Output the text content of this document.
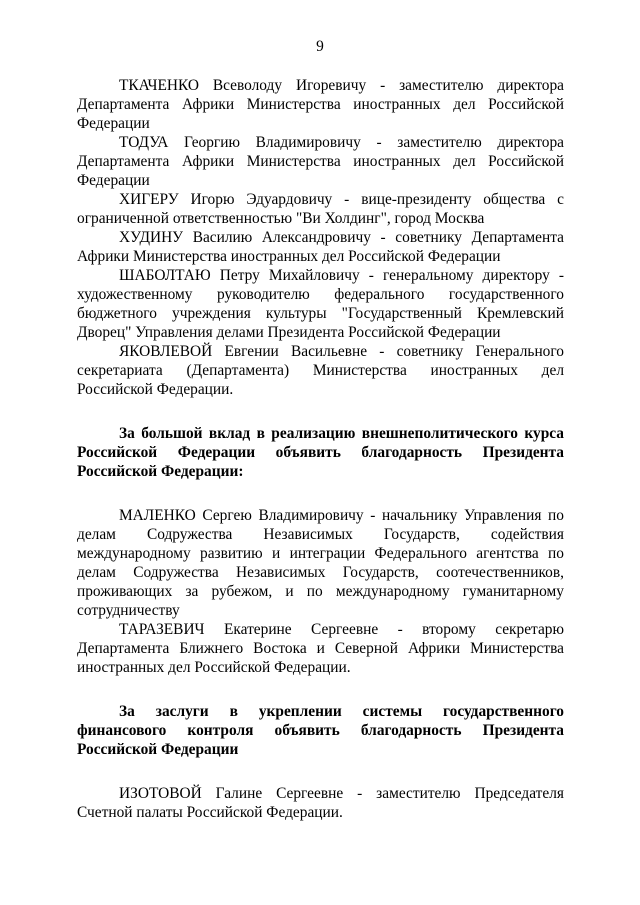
9

ТКАЧЕНКО Всеволоду Игоревичу - заместителю директора Департамента Африки Министерства иностранных дел Российской Федерации

ТОДУА Георгию Владимировичу - заместителю директора Департамента Африки Министерства иностранных дел Российской Федерации

ХИГЕРУ Игорю Эдуардовичу - вице-президенту общества с ограниченной ответственностью "Ви Холдинг", город Москва

ХУДИНУ Василию Александровичу - советнику Департамента Африки Министерства иностранных дел Российской Федерации

ШАБОЛТАЮ Петру Михайловичу - генеральному директору - художественному руководителю федерального государственного бюджетного учреждения культуры "Государственный Кремлевский Дворец" Управления делами Президента Российской Федерации

ЯКОВЛЕВОЙ Евгении Васильевне - советнику Генерального секретариата (Департамента) Министерства иностранных дел Российской Федерации.

За большой вклад в реализацию внешнеполитического курса Российской Федерации объявить благодарность Президента Российской Федерации:

МАЛЕНКО Сергею Владимировичу - начальнику Управления по делам Содружества Независимых Государств, содействия международному развитию и интеграции Федерального агентства по делам Содружества Независимых Государств, соотечественников, проживающих за рубежом, и по международному гуманитарному сотрудничеству

ТАРАЗЕВИЧ Екатерине Сергеевне - второму секретарю Департамента Ближнего Востока и Северной Африки Министерства иностранных дел Российской Федерации.

За заслуги в укреплении системы государственного финансового контроля объявить благодарность Президента Российской Федерации

ИЗОТОВОЙ Галине Сергеевне - заместителю Председателя Счетной палаты Российской Федерации.
